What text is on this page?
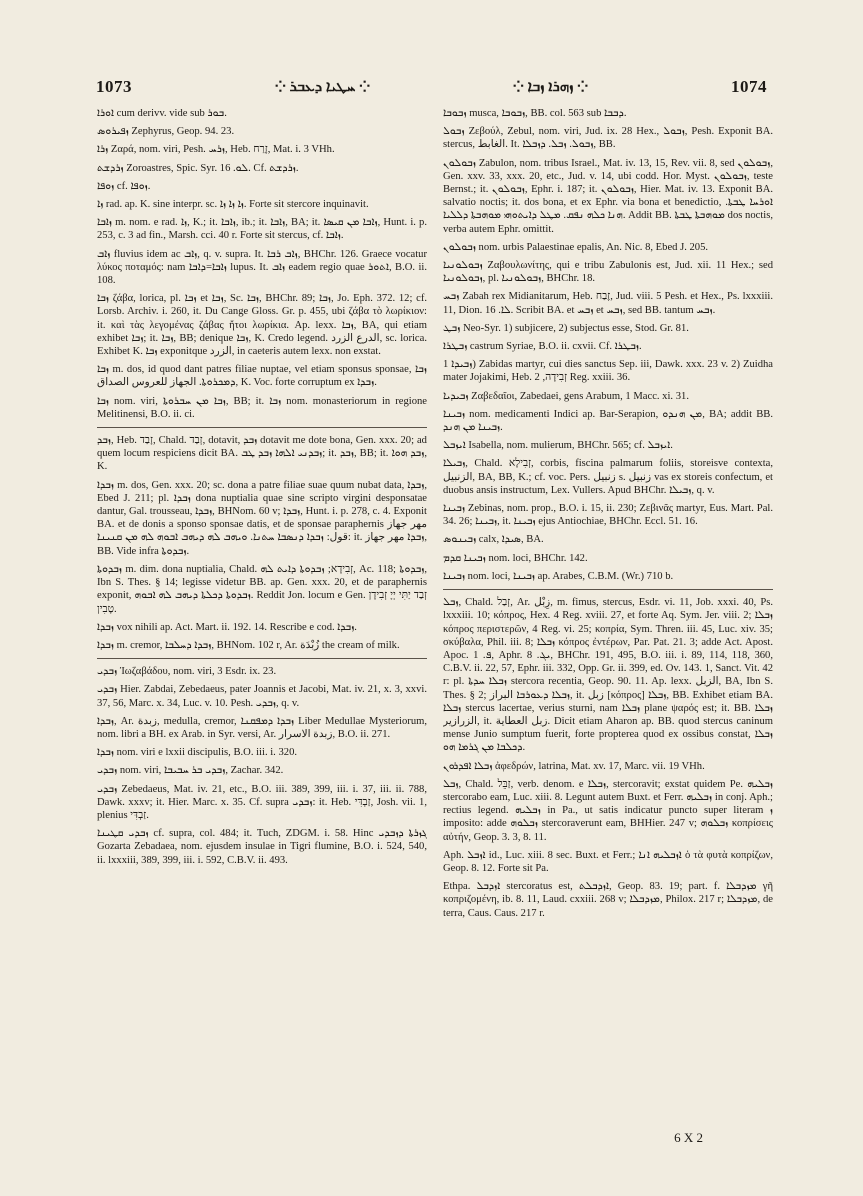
1073	⁘ ܚܛܝܐ ܕܥܒܪ ⁘	⁘ ܙܗܪܐ ܙܒܐ ⁘	1074

ܐܘܪܐ cum derivv. vide sub ܒܘܪ.

ܙܦܝܪܘܣ Zephyrus, Geop. 94. 23.

ܙܪܐ Ζαρά, nom. viri, Pesh. ܙܪܚ, Heb. זֶרַח, Mat. i. 3 VHh.

ܙܪܕܫܬ Zoroastres, Spic. Syr. ܠܘ. 16. Cf. ܙܪܕܫܬ.

ܙܘܦܐ cf. ܙܘܦܐ.

ܙܐ rad. ap. K. sine interpr. sc. ܙܐ ܙܐ ܙܐ. Forte sit stercore inquinavit.

ܙܐܒܐ m. nom. e rad. ܙܐ, K.; it. ܙܐܒܐ, ib.; it. ܙܐܒܐ, BA; it. ܙܐܒܐ ܡܢ ܩܝܣܐ, Hunt. i. p. 253, c. 3 ad fin., Marsh. cci. 40 r. Forte sit stercus, cf. ܙܐܒܐ.

ܙܐܒ fluvius idem ac ܙܐܒ, q. v. supra. It. ܙܐܒ ܪܒܐ, BHChr. 126. Graece vocatur λύκος ποταμός: nam ܙܐܒܐ=ܕܐܒܐ lupus. It. ܙܐܒ eadem regio quae ܐܬܘܪ, B.O. ii. 108.

ܙܒܐ ζάβα, lorica, pl. ܙܒܐ et ܙܒܐ, Sc. ܙܒܐ, BHChr. 89; ܙܒܐ, Jo. Eph. 372. 12; cf. Lorsb. Archiv. i. 260, it. Du Cange Gloss. Gr. p. 455, ubi ζάβα τὸ λωρίκιον: it. καὶ τὰς λεγομένας ζάβας ἤτοι λωρίκια. Ap. lexx. ܙܒܐ, BA, qui etiam exhibet ܙܒܐ; it. ܙܒܐ, BB; denique ܙܒܐ, K. Credo legend. الدرع الزرد, sc. lorica. Exhibet K. ܙܒܐ exponitque الزرد, in caeteris autem lexx. non exstat.

ܙܒܐ m. dos, id quod dant patres filiae nuptae, vel etiam sponsus sponsae, ܙܒܐ ܕܡܟܪܘܬܐ. الجهاز للعروس الصداق, K. Voc. forte corruptum ex ܙܒܕܐ.

ܙܒܐ nom. viri, ܙܒܐ ܡܢ ܚܒܪܘܬܐ, BB; it. ܙܒܐ nom. monasteriorum in regione Melitinensi, B.O. ii. ci.

ܙܒܕ, Heb. זָבַד, Chald. זְבַד, dotavit, ܙܒܕ dotavit me dote bona, Gen. xxx. 20; ad quem locum respiciens dicit BA. ܙܒܕܢܝ ܐܠܗܐ ܙܒܕ ܛܒ; it. ܙܒܕ, BB; it. ܙܒܕ ܗܘܐ, K.

ܙܒܕܐ m. dos, Gen. xxx. 20; sc. dona a patre filiae suae quum nubat data, ܙܒܕܐ, Ebed J. 211; pl. ܙܒܕܐ dona nuptialia quae sine scripto virgini desponsatae dantur, Gal. trousseau, ܙܒܕܐ, BHNom. 60 v; ܙܒܕܐ, Hunt. i. p. 278, c. 4. Exponit BA. et de donis a sponso sponsae datis, et de sponsae paraphernis مهر جهاز قول: ܙܒܕܐ ܕܢܣܒܐ ܚܬܢܐ. ܘܝܗܒ ܠܗ ܕܝܗܒ ܐܒܘܗ ܠܗ ܡܢ ܩܢܝܢܐ: it. ܙܒܕܐ مهر جهاز, BB. Vide infra ܙܒܕܘܬܐ.

ܙܒܕܘܬܐ m. dim. dona nuptialia, Chald. זְבִידָא; ܙܒܕܘܬܐ ܕܐܝܬ ܠܗ, Ac. 118; ܙܒܕܘܬܐ, Ibn S. Thes. § 14; legisse videtur BB. ap. Gen. xxx. 20, et de paraphernis exponit, ܙܒܕܘܬܐ ܕܟܠܬܐ ܕܝܗܒ ܠܗ ܐܒܘܗ. Reddit Jon. locum e Gen. זְבַד יַתִּי יְיָ זְבִידָן טָבִין.

ܙܒܕܐ vox nihili ap. Act. Mart. ii. 192. 14. Rescribe e cod. ܙܒܕܐ.

ܙܒܕܐ m. cremor, ܙܒܕܐ ܕܚܠܒܐ, BHNom. 102 r, Ar. زُبْدَة the cream of milk.

ܙܒܕܝ Ἰωζαβάδου, nom. viri, 3 Esdr. ix. 23.

ܙܒܕܝ Hier. Zabdai, Zebedaeus, pater Joannis et Jacobi, Mat. iv. 21, x. 3, xxvi. 37, 56, Marc. x. 34, Luc. v. 10. Pesh. ܙܒܕܝ, q. v.

ܙܒܕܐ, Ar. زبدة, medulla, cremor, ܙܒܕܐ ܕܡܦܩܢܐ Liber Medullae Mysteriorum, nom. libri a BH. ex Arab. in Syr. versi, Ar. زبدة الاسرار, B.O. ii. 271.

ܙܒܕܐ nom. viri e lxxii discipulis, B.O. iii. i. 320.

ܙܒܕܝ nom. viri, ܙܒܕܝ ܒܪ ܚܒܝܒܐ, Zachar. 342.

ܙܒܕܝ Zebedaeus, Mat. iv. 21, etc., B.O. iii. 389, 399, iii. i. 37, iii. ii. 788, Dawk. xxxv; it. Hier. Marc. x. 35. Cf. supra ܙܒܕܝ: it. Heb. זַבְדִּי, Josh. vii. 1, plenius זַבְדִּי.

ܙܒܕܝ ܩܛܝܢܐ cf. supra, col. 484; it. Tuch, ZDGM. i. 58. Hinc ܓܙܪܬܐ ܕܙܒܕܝ Gozarta Zebadaea, nom. ejusdem insulae in Tigri flumine, B.O. i. 524, 540, ii. lxxxiii, 389, 399, iii. i. 592, C.B.V. ii. 493.

ܙܒܘܒܐ musca, ܙܒܘܒܐ, BB. col. 563 sub ܕܒܒܐ.

ܙܒܘܠ Ζεβούλ, Zebul, nom. viri, Jud. ix. 28 Hex., ܙܒܘܠ, Pesh. Exponit BA. stercus, الغابط. It. ܙܒܘܠ. ܙܒܠ. ܕܙܒܠܐ, BB.

ܙܒܘܠܘܢ Zabulon, nom. tribus Israel., Mat. iv. 13, 15, Rev. vii. 8, sed ܙܒܘܠܘܢ, Gen. xxv. 33, xxx. 20, etc., Jud. v. 14, ubi codd. Hor. Myst. ܙܒܘܠܘܢ, teste Bernst.; it. ܙܒܘܠܘܢ, Ephr. i. 187; it. ܙܒܘܠܘܢ, Hier. Mat. iv. 13. Exponit BA. salvatio noctis; it. dos bona, et ex Ephr. via bona et benedictio, ܐܘܪܚܐ ܛܒܬܐ. ܗܢܐ ܟܠܗ ܢܦܩ. ܡܛܠ ܕܐܝܬܘܗܝ ܡܘܗܒܬܐ ܕܠܠܝܐ. Addit BB. ܡܘܗܒܬܐ ܛܒܬܐ dos noctis, verba autem Ephr. omittit.

ܙܒܘܠܘܢ nom. urbis Palaestinae epalis, An. Nic. 8, Ebed J. 205.

ܙܒܘܠܘܢܝܐ Ζαβουλωνίτης, qui e tribu Zabulonis est, Jud. xii. 11 Hex.; sed ܙܒܘܠܘܢܝܐ, pl. ܙܒܘܠܘܢܝܐ, BHChr. 18.

ܙܒܚ Zabah rex Midianitarum, Heb. זֶבַח, Jud. viii. 5 Pesh. et Hex., Ps. lxxxiii. 11, Dion. ܠܐ. 16. Scribit BA. et ܙܒܚ et ܙܒܚ, sed BB. tantum ܙܒܚ.

ܙܒܛ Neo-Syr. 1) subjicere, 2) subjectus esse, Stod. Gr. 81.

ܙܒܛܪܐ castrum Syriae, B.O. ii. cxvii. Cf. ܙܒܛܪܐ.

ܙܒܝܕܐ 1) Zabidas martyr, cui dies sanctus Sep. iii, Dawk. xxx. 23 v. 2) Zuidha mater Jojakimi, Heb. זְבִידָה, 2 Reg. xxiii. 36.

ܙܒܝܕܝܐ Ζαβεδαῖοι, Zabedaei, gens Arabum, 1 Macc. xi. 31.

ܙܒܝܢܐ nom. medicamenti Indici ap. Bar-Serapion, ܡܢ ܗܢܕܘ, BA; addit BB. ܙܒܝܢܐ ܡܢ ܗܢܕ.

ܐܝܙܒܠ Isabella, nom. mulierum, BHChr. 565; cf. ܐܝܙܒܠ.

ܙܒܝܠܐ, Chald. זְבִילָא, corbis, fiscina palmarum foliis, storeisve contexta, الزنبيل, BA, BB, K.; cf. voc. Pers. زنبيل s. زنبيل vas ex storeis confectum, et duobus ansis instructum, Lex. Vullers. Apud BHChr. ܙܒܝܠܐ, q. v.

ܙܒܝܢܐ Zebinas, nom. prop., B.O. i. 15, ii. 230; Ζεβινᾶς martyr, Eus. Mart. Pal. 34. 26; ܙܒܝܢܐ, it. ܙܒܝܢܐ ejus Antiochiae, BHChr. Eccl. 51. 16.

ܙܒܝܢܘܣ calx, ܣܝܕܐ, BA.

ܙܒܝܢܐ ܩܕܡ nom. loci, BHChr. 142.

ܙܒܝܢܐ nom. loci, ܙܒܝܢܐ ap. Arabes, C.B.M. (Wr.) 710 b.

ܙܒܠ, Chald. זְבַל, Ar. زِبْل, m. fimus, stercus, Esdr. vi. 11, Job. xxxi. 40, Ps. lxxxiii. 10; κόπρος, Hex. 4 Reg. xviii. 27, et forte Aq. Sym. Jer. viii. 2; ܙܒܠܐ κόπρος περιστερῶν, 4 Reg. vi. 25; κοπρία, Sym. Thren. iii. 45, Luc. xiv. 35; σκύβαλα, Phil. iii. 8; ܙܒܠܐ κόπρος ἐντέρων, Par. Pat. 21. 3; adde Act. Apost. Apoc. ܦ. 1, Aphr. ܝܓ. 8, BHChr. 191, 495, B.O. iii. i. 89, 114, 118, 360, C.B.V. ii. 22, 57, Ephr. iii. 332, Opp. Gr. ii. 399, ed. Ov. 143. 1, Sanct. Vit. 42 r: pl. ܙܒܠܐ ܚܕܬܐ stercora recentia, Geop. 90. 11. Ap. lexx. الزبل, BA, Ibn S. Thes. § 2; ܙܒܠܐ ܕܥܘܪܒܐ البراز, it. زبل [κόπρος] ܙܒܠܐ, BB. Exhibet etiam BA. ܙܒܠܐ stercus lacertae, verius sturni, nam ܙܒܠܐ plane ψαρός est; it. BB. ܙܒܠܐ الزرازير, it. زبل العطاية. Dicit etiam Aharon ap. BB. quod stercus caninum mense Junio sumptum fuerit, forte propterea quod ex ossibus constat, ܙܒܠܐ ܕܟܠܒܐ ܡܢ ܓܪܡܐ ܗܘ.

ܙܒܠܐ ܐܦܕܪܘܢ ἀφεδρών, latrina, Mat. xv. 17, Marc. vii. 19 VHh.

ܙܒܠ, Chald. זַבֵּל, verb. denom. e ܙܒܠܐ, stercoravit; exstat quidem Pe. ܙܒܠܝܗ stercorabo eam, Luc. xiii. 8. Legunt autem Buxt. et Ferr. ܙܒܠܝܗ in conj. Aph.; rectius legend. ܙܒܠܝܗ in Pa., ut satis indicatur puncto super literam ܙ imposito: adde ܙܒܠܘܗ stercoraverunt eam, BHHier. 247 v; ܙܒܠܘܗ κοπρίσεις αὐτήν, Geop. 3. 3, 8. 11.

Aph. ܐܙܒܠ id., Luc. xiii. 8 sec. Buxt. et Ferr.; ܐܙܒܠܝܗ ܐܢܐ ὁ τὰ φυτὰ κοπρίζων, Geop. 8. 12. Forte sit Pa.

Ethpa. ܐܙܕܒܠ stercoratus est, ܐܙܕܒܠܬ, Geop. 83. 19; part. f. ܡܙܕܒܠܐ γῆ κοπριζομένη, ib. 8. 11, Laud. cxxiii. 268 v; ܡܙܕܒܠܐ, Philox. 217 r; ܡܙܕܒܠܐ, de terra, Caus. Caus. 217 r.

6 X 2
